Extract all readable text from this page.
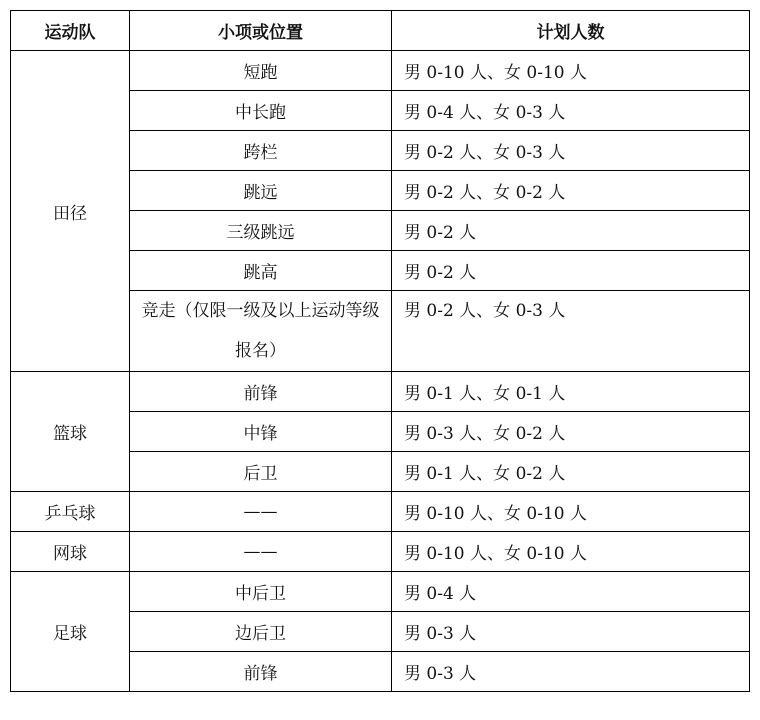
运动队	小项或位置	计划人数
田径	短跑	男 0-10 人、女 0-10 人
	中长跑	男 0-4 人、女 0-3 人
	跨栏	男 0-2 人、女 0-3 人
	跳远	男 0-2 人、女 0-2 人
	三级跳远	男 0-2 人
	跳高	男 0-2 人

	竞走（仅限一级及以上运动等级报名）	男 0-2 人、女 0-3 人
篮球	前锋	男 0-1 人、女 0-1 人
	中锋	男 0-3 人、女 0-2 人
	后卫	男 0-1 人、女 0-2 人
乒乓球	——	男 0-10 人、女 0-10 人
网球	——	男 0-10 人、女 0-10 人
足球	中后卫	男 0-4 人
	边后卫	男 0-3 人
	前锋	男 0-3 人
